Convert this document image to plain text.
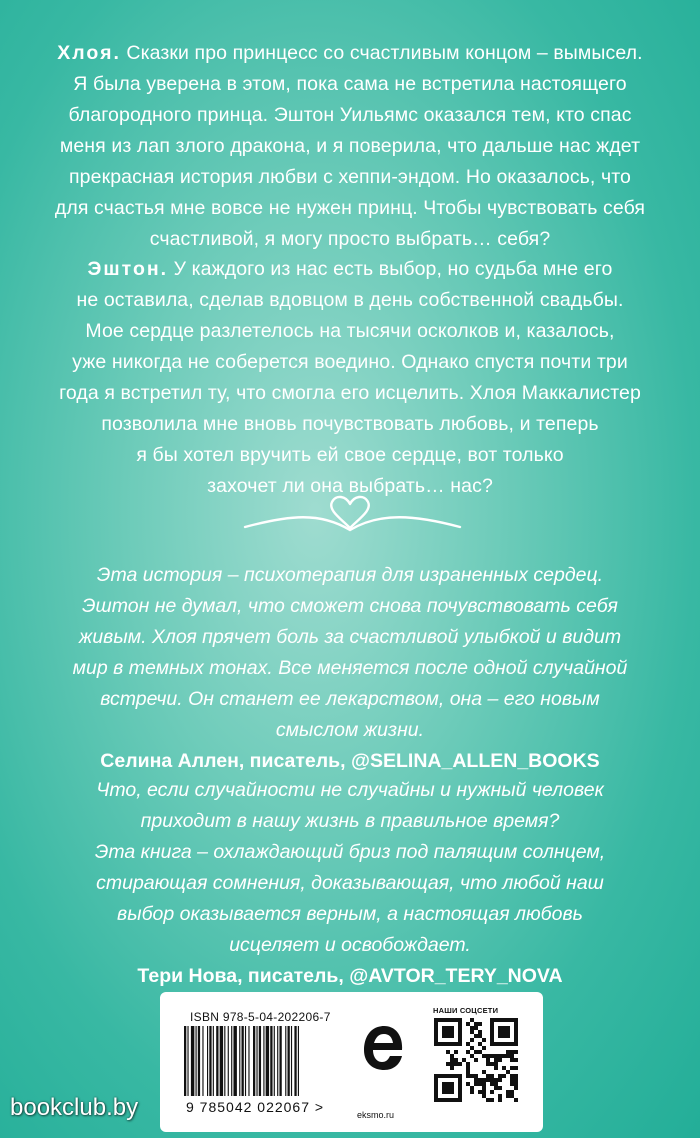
Хлоя. Сказки про принцесс со счастливым концом – вымысел.

Я была уверена в этом, пока сама не встретила настоящего

благородного принца. Эштон Уильямс оказался тем, кто спас

меня из лап злого дракона, и я поверила, что дальше нас ждет

прекрасная история любви с хеппи-эндом. Но оказалось, что

для счастья мне вовсе не нужен принц. Чтобы чувствовать себя

счастливой, я могу просто выбрать… себя?

Эштон. У каждого из нас есть выбор, но судьба мне его

не оставила, сделав вдовцом в день собственной свадьбы.

Мое сердце разлетелось на тысячи осколков и, казалось,

уже никогда не соберется воедино. Однако спустя почти три

года я встретил ту, что смогла его исцелить. Хлоя Маккалистер

позволила мне вновь почувствовать любовь, и теперь

я бы хотел вручить ей свое сердце, вот только

захочет ли она выбрать… нас?

Эта история – психотерапия для израненных сердец.

Эштон не думал, что сможет снова почувствовать себя

живым. Хлоя прячет боль за счастливой улыбкой и видит

мир в темных тонах. Все меняется после одной случайной

встречи. Он станет ее лекарством, она – его новым

смыслом жизни.

Селина Аллен, писатель, @SELINA_ALLEN_BOOKS

Что, если случайности не случайны и нужный человек

приходит в нашу жизнь в правильное время?

Эта книга – охлаждающий бриз под палящим солнцем,

стирающая сомнения, доказывающая, что любой наш

выбор оказывается верным, а настоящая любовь

исцеляет и освобождает.

Тери Нова, писатель, @AVTOR_TERY_NOVA

ISBN 978-5-04-202206-7
9 785042 022067 >	eksmo.ru
НАШИ СОЦСЕТИ
bookclub.by
